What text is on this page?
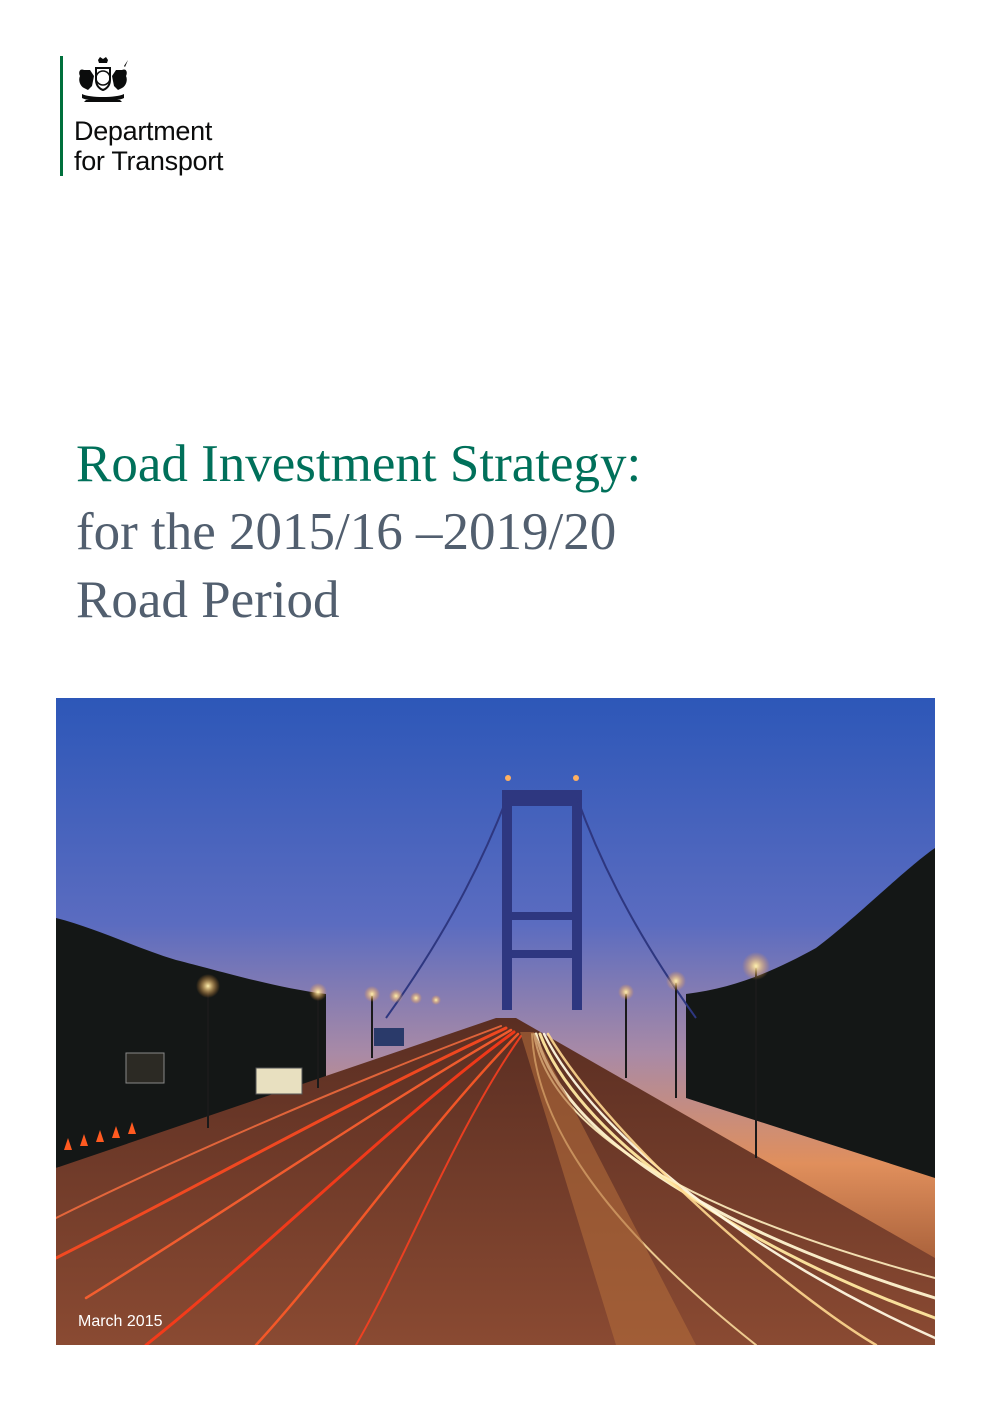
Department
for Transport
Road Investment Strategy:
for the 2015/16 –2019/20
Road Period
March 2015
